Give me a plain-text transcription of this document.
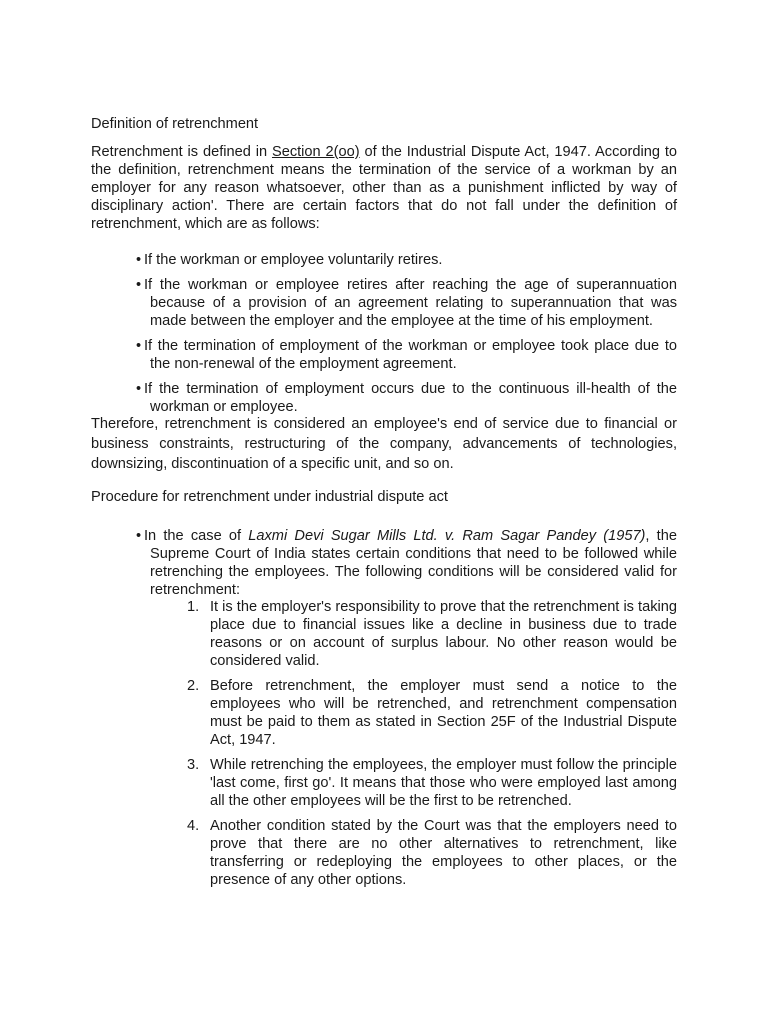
Definition of retrenchment

Retrenchment is defined in Section 2(oo) of the Industrial Dispute Act, 1947. According to the definition, retrenchment means the termination of the service of a workman by an employer for any reason whatsoever, other than as a punishment inflicted by way of disciplinary action'. There are certain factors that do not fall under the definition of retrenchment, which are as follows:

• If the workman or employee voluntarily retires.
• If the workman or employee retires after reaching the age of superannuation because of a provision of an agreement relating to superannuation that was made between the employer and the employee at the time of his employment.
• If the termination of employment of the workman or employee took place due to the non-renewal of the employment agreement.
• If the termination of employment occurs due to the continuous ill-health of the workman or employee.

Therefore, retrenchment is considered an employee's end of service due to financial or business constraints, restructuring of the company, advancements of technologies, downsizing, discontinuation of a specific unit, and so on.

Procedure for retrenchment under industrial dispute act
• In the case of Laxmi Devi Sugar Mills Ltd. v. Ram Sagar Pandey (1957), the Supreme Court of India states certain conditions that need to be followed while retrenching the employees. The following conditions will be considered valid for retrenchment:
1. It is the employer's responsibility to prove that the retrenchment is taking place due to financial issues like a decline in business due to trade reasons or on account of surplus labour. No other reason would be considered valid.
2. Before retrenchment, the employer must send a notice to the employees who will be retrenched, and retrenchment compensation must be paid to them as stated in Section 25F of the Industrial Dispute Act, 1947.
3. While retrenching the employees, the employer must follow the principle 'last come, first go'. It means that those who were employed last among all the other employees will be the first to be retrenched.
4. Another condition stated by the Court was that the employers need to prove that there are no other alternatives to retrenchment, like transferring or redeploying the employees to other places, or the presence of any other options.
